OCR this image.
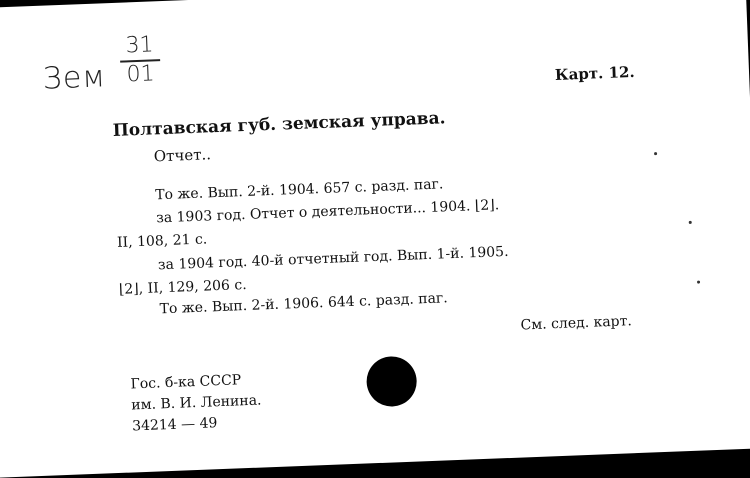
Зем
31
01	Карт. 12.
Полтавская губ. земская управа.
Отчет..
То же. Вып. 2-й. 1904. 657 с. разд. паг.
за 1903 год. Отчет о деятельности... 1904. ⌊2⌋.
II, 108, 21 с.
за 1904 год. 40-й отчетный год. Вып. 1-й. 1905.
⌊2⌋, II, 129, 206 с.
То же. Вып. 2-й. 1906. 644 с. разд. паг.
См. след. карт.
Гос. б-ка СССР
им. В. И. Ленина.
34214 — 49
